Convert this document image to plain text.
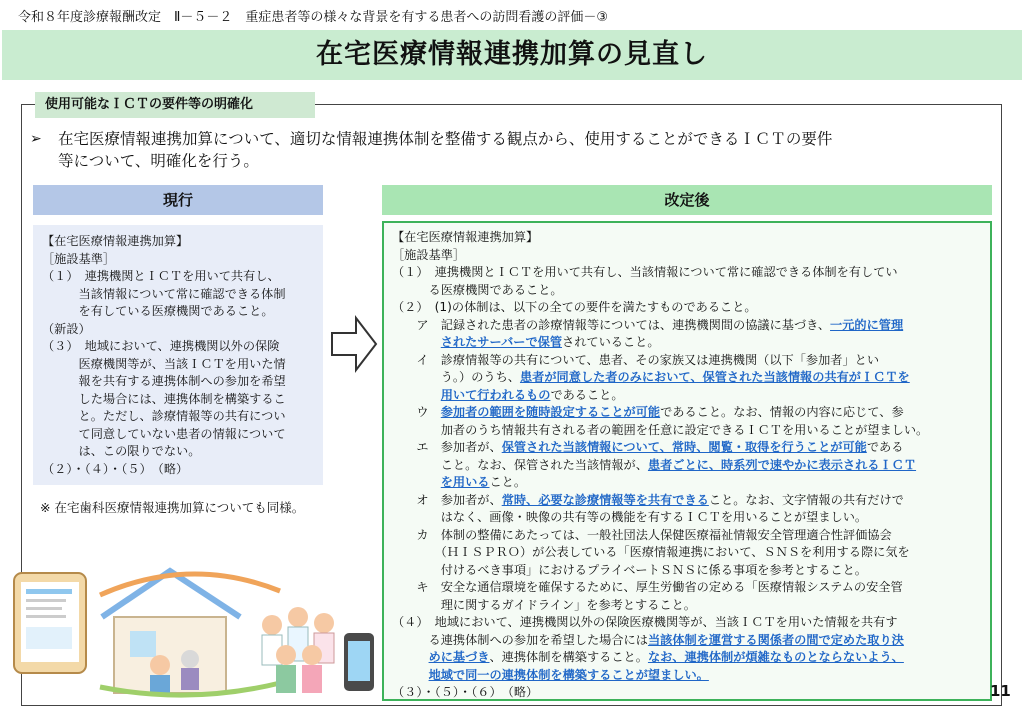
令和８年度診療報酬改定　Ⅱ－５－２　重症患者等の様々な背景を有する患者への訪問看護の評価－③
在宅医療情報連携加算の見直し
使用可能なＩＣＴの要件等の明確化
➢ 在宅医療情報連携加算について、適切な情報連携体制を整備する観点から、使用することができるＩＣＴの要件
等について、明確化を行う。
現行	改定後
【在宅医療情報連携加算】
［施設基準］
（１）　連携機関とＩＣＴを用いて共有し、
　　　当該情報について常に確認できる体制
　　　を有している医療機関であること。
（新設）
（３）　地域において、連携機関以外の保険
　　　医療機関等が、当該ＩＣＴを用いた情
　　　報を共有する連携体制への参加を希望
　　　した場合には、連携体制を構築するこ
　　　と。ただし、診療情報等の共有につい
　　　て同意していない患者の情報について
　　　は、この限りでない。
（２）・（４）・（５）　（略）
【在宅医療情報連携加算】
［施設基準］
（１）　連携機関とＩＣＴを用いて共有し、当該情報について常に確認できる体制を有してい
　　　る医療機関であること。
（２）　(1)の体制は、以下の全ての要件を満たすものであること。
　　ア　記録された患者の診療情報等については、連携機関間の協議に基づき、一元的に管理
　　　　されたサーバーで保管されていること。
　　イ　診療情報等の共有について、患者、その家族又は連携機関（以下「参加者」とい
　　　　う。）のうち、患者が同意した者のみにおいて、保管された当該情報の共有がＩＣＴを
　　　　用いて行われるものであること。
　　ウ　参加者の範囲を随時設定することが可能であること。なお、情報の内容に応じて、参
　　　　加者のうち情報共有される者の範囲を任意に設定できるＩＣＴを用いることが望ましい。
　　エ　参加者が、保管された当該情報について、常時、閲覧・取得を行うことが可能である
　　　　こと。なお、保管された当該情報が、患者ごとに、時系列で速やかに表示されるＩＣＴ
　　　　を用いること。
　　オ　参加者が、常時、必要な診療情報等を共有できること。なお、文字情報の共有だけで
　　　　はなく、画像・映像の共有等の機能を有するＩＣＴを用いることが望ましい。
　　カ　体制の整備にあたっては、一般社団法人保健医療福祉情報安全管理適合性評価協会
　　　　（ＨＩＳＰＲＯ）が公表している「医療情報連携において、ＳＮＳを利用する際に気を
　　　　付けるべき事項」におけるプライベートＳＮＳに係る事項を参考とすること。
　　キ　安全な通信環境を確保するために、厚生労働省の定める「医療情報システムの安全管
　　　　理に関するガイドライン」を参考とすること。
（４）　地域において、連携機関以外の保険医療機関等が、当該ＩＣＴを用いた情報を共有す
　　　る連携体制への参加を希望した場合には当該体制を運営する関係者の間で定めた取り決
　　　めに基づき、連携体制を構築すること。なお、連携体制が煩雑なものとならないよう、
　　　地域で同一の連携体制を構築することが望ましい。
（３）・（５）・（６）　（略）
※ 在宅歯科医療情報連携加算についても同様。
11
